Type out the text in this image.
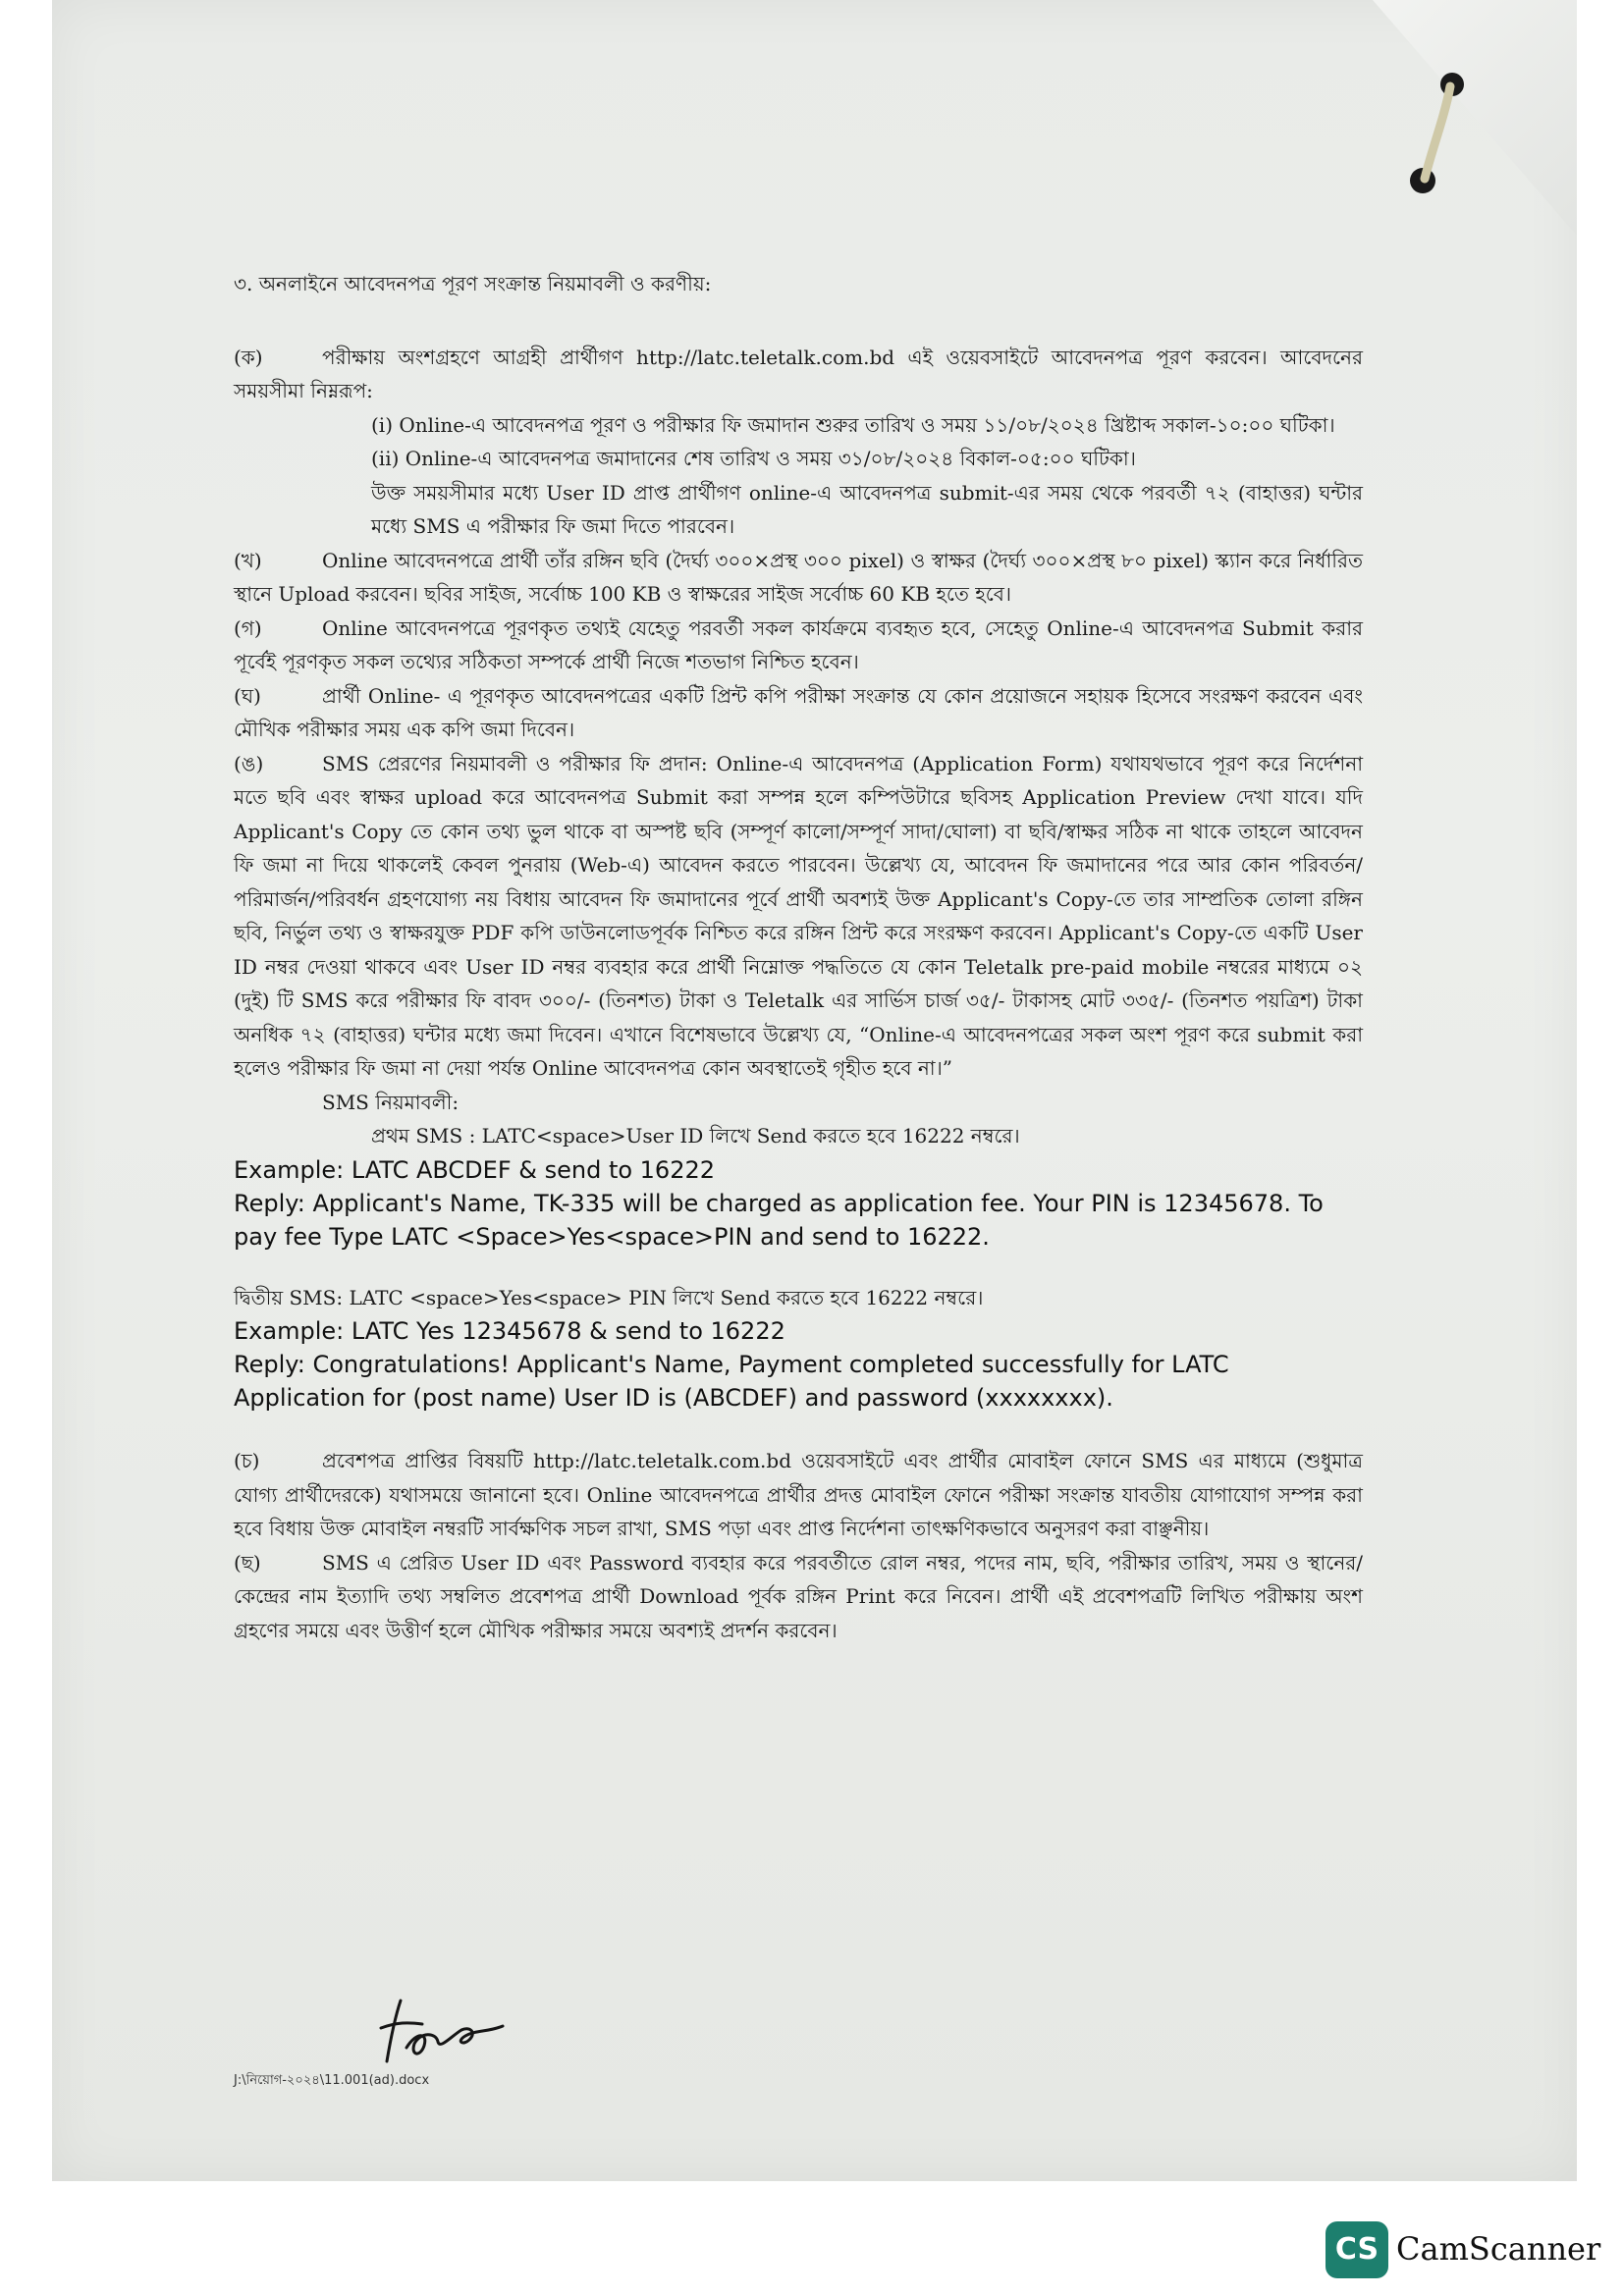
৩. অনলাইনে আবেদনপত্র পূরণ সংক্রান্ত নিয়মাবলী ও করণীয়:

(ক)	পরীক্ষায় অংশগ্রহণে আগ্রহী প্রার্থীগণ http://latc.teletalk.com.bd এই ওয়েবসাইটে আবেদনপত্র পূরণ করবেন। আবেদনের সময়সীমা নিম্নরূপ:

(i) Online-এ আবেদনপত্র পূরণ ও পরীক্ষার ফি জমাদান শুরুর তারিখ ও সময় ১১/০৮/২০২৪ খ্রিষ্টাব্দ সকাল-১০:০০ ঘটিকা।

(ii) Online-এ আবেদনপত্র জমাদানের শেষ তারিখ ও সময় ৩১/০৮/২০২৪ বিকাল-০৫:০০ ঘটিকা।

উক্ত সময়সীমার মধ্যে User ID প্রাপ্ত প্রার্থীগণ online-এ আবেদনপত্র submit-এর সময় থেকে পরবর্তী ৭২ (বাহাত্তর) ঘন্টার মধ্যে SMS এ পরীক্ষার ফি জমা দিতে পারবেন।

(খ)	Online আবেদনপত্রে প্রার্থী তাঁর রঙ্গিন ছবি (দৈর্ঘ্য ৩০০×প্রস্থ ৩০০ pixel) ও স্বাক্ষর (দৈর্ঘ্য ৩০০×প্রস্থ ৮০ pixel) স্ক্যান করে নির্ধারিত স্থানে Upload করবেন। ছবির সাইজ, সর্বোচ্চ 100 KB ও স্বাক্ষরের সাইজ সর্বোচ্চ 60 KB হতে হবে।

(গ)	Online আবেদনপত্রে পূরণকৃত তথ্যই যেহেতু পরবর্তী সকল কার্যক্রমে ব্যবহৃত হবে, সেহেতু Online-এ আবেদনপত্র Submit করার পূর্বেই পূরণকৃত সকল তথ্যের সঠিকতা সম্পর্কে প্রার্থী নিজে শতভাগ নিশ্চিত হবেন।

(ঘ)	প্রার্থী Online- এ পূরণকৃত আবেদনপত্রের একটি প্রিন্ট কপি পরীক্ষা সংক্রান্ত যে কোন প্রয়োজনে সহায়ক হিসেবে সংরক্ষণ করবেন এবং মৌখিক পরীক্ষার সময় এক কপি জমা দিবেন।

(ঙ)	SMS প্রেরণের নিয়মাবলী ও পরীক্ষার ফি প্রদান: Online-এ আবেদনপত্র (Application Form) যথাযথভাবে পূরণ করে নির্দেশনা মতে ছবি এবং স্বাক্ষর upload করে আবেদনপত্র Submit করা সম্পন্ন হলে কম্পিউটারে ছবিসহ Application Preview দেখা যাবে। যদি Applicant's Copy তে কোন তথ্য ভুল থাকে বা অস্পষ্ট ছবি (সম্পূর্ণ কালো/সম্পূর্ণ সাদা/ঘোলা) বা ছবি/স্বাক্ষর সঠিক না থাকে তাহলে আবেদন ফি জমা না দিয়ে থাকলেই কেবল পুনরায় (Web-এ) আবেদন করতে পারবেন। উল্লেখ্য যে, আবেদন ফি জমাদানের পরে আর কোন পরিবর্তন/পরিমার্জন/পরিবর্ধন গ্রহণযোগ্য নয় বিধায় আবেদন ফি জমাদানের পূর্বে প্রার্থী অবশ্যই উক্ত Applicant's Copy-তে তার সাম্প্রতিক তোলা রঙ্গিন ছবি, নির্ভুল তথ্য ও স্বাক্ষরযুক্ত PDF কপি ডাউনলোডপূর্বক নিশ্চিত করে রঙ্গিন প্রিন্ট করে সংরক্ষণ করবেন। Applicant's Copy-তে একটি User ID নম্বর দেওয়া থাকবে এবং User ID নম্বর ব্যবহার করে প্রার্থী নিম্নোক্ত পদ্ধতিতে যে কোন Teletalk pre-paid mobile নম্বরের মাধ্যমে ০২ (দুই) টি SMS করে পরীক্ষার ফি বাবদ ৩০০/- (তিনশত) টাকা ও Teletalk এর সার্ভিস চার্জ ৩৫/- টাকাসহ মোট ৩৩৫/- (তিনশত পয়ত্রিশ) টাকা অনধিক ৭২ (বাহাত্তর) ঘন্টার মধ্যে জমা দিবেন। এখানে বিশেষভাবে উল্লেখ্য যে, “Online-এ আবেদনপত্রের সকল অংশ পূরণ করে submit করা হলেও পরীক্ষার ফি জমা না দেয়া পর্যন্ত Online আবেদনপত্র কোন অবস্থাতেই গৃহীত হবে না।”

SMS নিয়মাবলী:

প্রথম SMS : LATC<space>User ID লিখে Send করতে হবে 16222 নম্বরে।

Example: LATC ABCDEF & send to 16222

Reply: Applicant's Name, TK-335 will be charged as application fee. Your PIN is 12345678. To pay fee Type LATC <Space>Yes<space>PIN and send to 16222.

দ্বিতীয় SMS: LATC <space>Yes<space> PIN লিখে Send করতে হবে 16222 নম্বরে।

Example: LATC Yes 12345678 & send to 16222

Reply: Congratulations! Applicant's Name, Payment completed successfully for LATC Application for (post name) User ID is (ABCDEF) and password (xxxxxxxx).

(চ)	প্রবেশপত্র প্রাপ্তির বিষয়টি http://latc.teletalk.com.bd ওয়েবসাইটে এবং প্রার্থীর মোবাইল ফোনে SMS এর মাধ্যমে (শুধুমাত্র যোগ্য প্রার্থীদেরকে) যথাসময়ে জানানো হবে। Online আবেদনপত্রে প্রার্থীর প্রদত্ত মোবাইল ফোনে পরীক্ষা সংক্রান্ত যাবতীয় যোগাযোগ সম্পন্ন করা হবে বিধায় উক্ত মোবাইল নম্বরটি সার্বক্ষণিক সচল রাখা, SMS পড়া এবং প্রাপ্ত নির্দেশনা তাৎক্ষণিকভাবে অনুসরণ করা বাঞ্ছনীয়।

(ছ)	SMS এ প্রেরিত User ID এবং Password ব্যবহার করে পরবর্তীতে রোল নম্বর, পদের নাম, ছবি, পরীক্ষার তারিখ, সময় ও স্থানের/কেন্দ্রের নাম ইত্যাদি তথ্য সম্বলিত প্রবেশপত্র প্রার্থী Download পূর্বক রঙ্গিন Print করে নিবেন। প্রার্থী এই প্রবেশপত্রটি লিখিত পরীক্ষায় অংশ গ্রহণের সময়ে এবং উত্তীর্ণ হলে মৌখিক পরীক্ষার সময়ে অবশ্যই প্রদর্শন করবেন।

J:\নিয়োগ-২০২৪\11.001(ad).docx
CS CamScanner
